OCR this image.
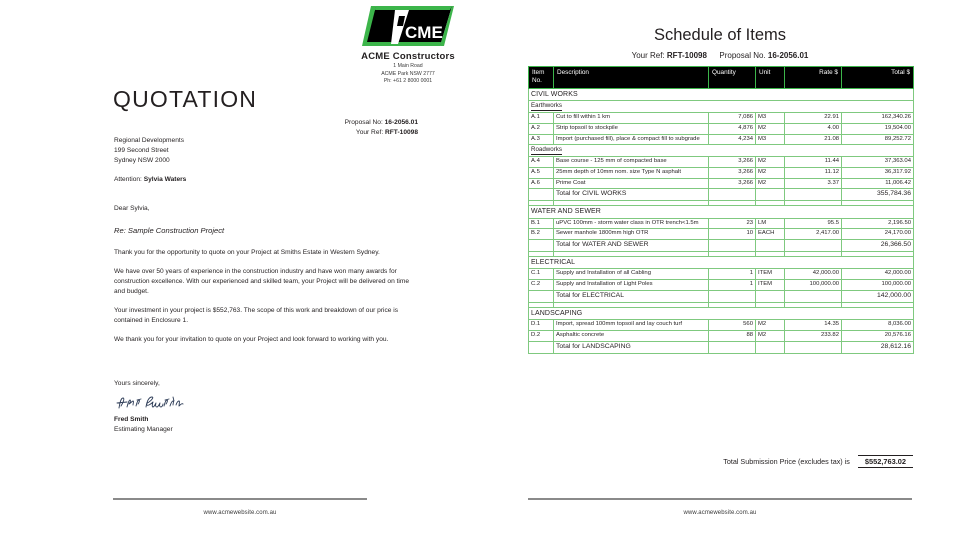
CME
ACME Constructors
1 Main Road
ACME Park NSW 2777
Ph: +61 2 8000 0001
QUOTATION
Proposal No: 16-2056.01
Your Ref: RFT-10098
Regional Developments
199 Second Street
Sydney NSW 2000
Attention: Sylvia Waters

Dear Sylvia,

Re: Sample Construction Project

Thank you for the opportunity to quote on your Project at Smiths Estate in Western Sydney.

We have over 50 years of experience in the construction industry and have won many awards for construction excellence. With our experienced and skilled team, your Project will be delivered on time and budget.

Your investment in your project is $552,763. The scope of this work and breakdown of our price is contained in Enclosure 1.

We thank you for your invitation to quote on your Project and look forward to working with you.

Yours sincerely,
Fred Smith
Estimating Manager
www.acmewebsite.com.au
Schedule of Items
Your Ref: RFT-10098 Proposal No. 16-2056.01
Item
No.	Description	Quantity	Unit	Rate $	Total $
CIVIL WORKS					
Earthworks					
A.1	Cut to fill within 1 km	7,086	M3	22.91	162,340.26
A.2	Strip topsoil to stockpile	4,876	M2	4.00	19,504.00
A.3	Import (purchased fill), place & compact fill to subgrade	4,234	M3	21.08	89,252.72
Roadworks					
A.4	Base course - 125 mm of compacted base	3,266	M2	11.44	37,363.04
A.5	25mm depth of 10mm nom. size Type N asphalt	3,266	M2	11.12	36,317.92
A.6	Prime Coat	3,266	M2	3.37	11,006.42
	Total for CIVIL WORKS				355,784.36

WATER AND SEWER					
B.1	uPVC 100mm - storm water class in OTR trench<1.5m	23	LM	95.5	2,196.50
B.2	Sewer manhole 1800mm high OTR	10	EACH	2,417.00	24,170.00
	Total for WATER AND SEWER				26,366.50

ELECTRICAL					
C.1	Supply and Installation of all Cabling	1	ITEM	42,000.00	42,000.00
C.2	Supply and Installation of Light Poles	1	ITEM	100,000.00	100,000.00
	Total for ELECTRICAL				142,000.00

LANDSCAPING					
D.1	Import, spread 100mm topsoil and lay couch turf	560	M2	14.35	8,036.00
D.2	Asphaltic concrete	88	M2	233.82	20,576.16
	Total for LANDSCAPING				28,612.16
Total Submission Price (excludes tax) is $552,763.02
www.acmewebsite.com.au
